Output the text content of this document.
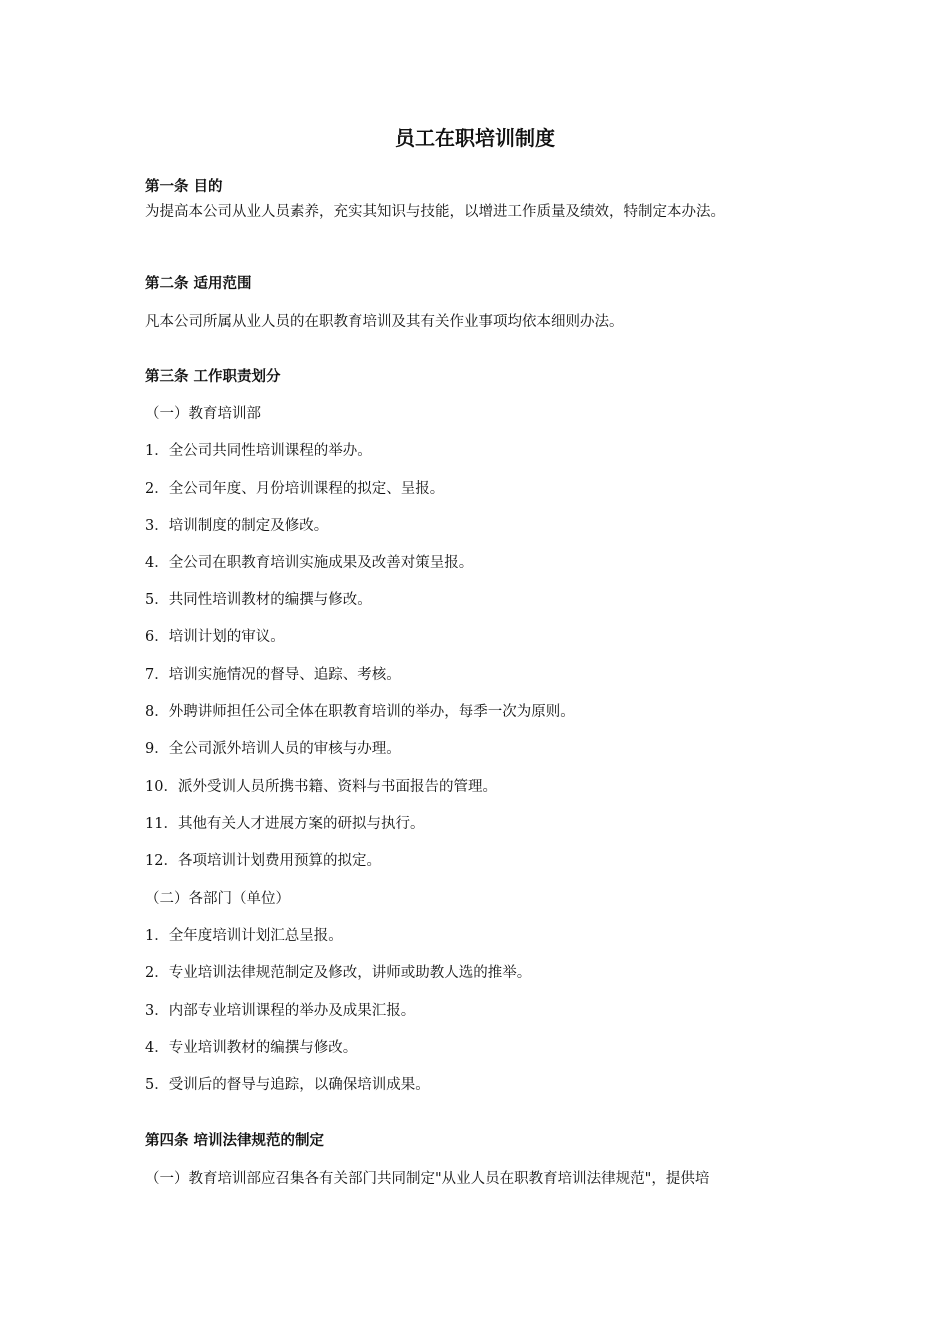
员工在职培训制度

第一条 目的

为提高本公司从业人员素养，充实其知识与技能，以增进工作质量及绩效，特制定本办法。

第二条 适用范围

凡本公司所属从业人员的在职教育培训及其有关作业事项均依本细则办法。

第三条 工作职责划分

（一）教育培训部

1．全公司共同性培训课程的举办。

2．全公司年度、月份培训课程的拟定、呈报。

3．培训制度的制定及修改。

4．全公司在职教育培训实施成果及改善对策呈报。

5．共同性培训教材的编撰与修改。

6．培训计划的审议。

7．培训实施情况的督导、追踪、考核。

8．外聘讲师担任公司全体在职教育培训的举办，每季一次为原则。

9．全公司派外培训人员的审核与办理。

10．派外受训人员所携书籍、资料与书面报告的管理。

11．其他有关人才进展方案的研拟与执行。

12．各项培训计划费用预算的拟定。

（二）各部门（单位）

1．全年度培训计划汇总呈报。

2．专业培训法律规范制定及修改，讲师或助教人选的推举。

3．内部专业培训课程的举办及成果汇报。

4．专业培训教材的编撰与修改。

5．受训后的督导与追踪，以确保培训成果。

第四条 培训法律规范的制定

（一）教育培训部应召集各有关部门共同制定"从业人员在职教育培训法律规范"，提供培
